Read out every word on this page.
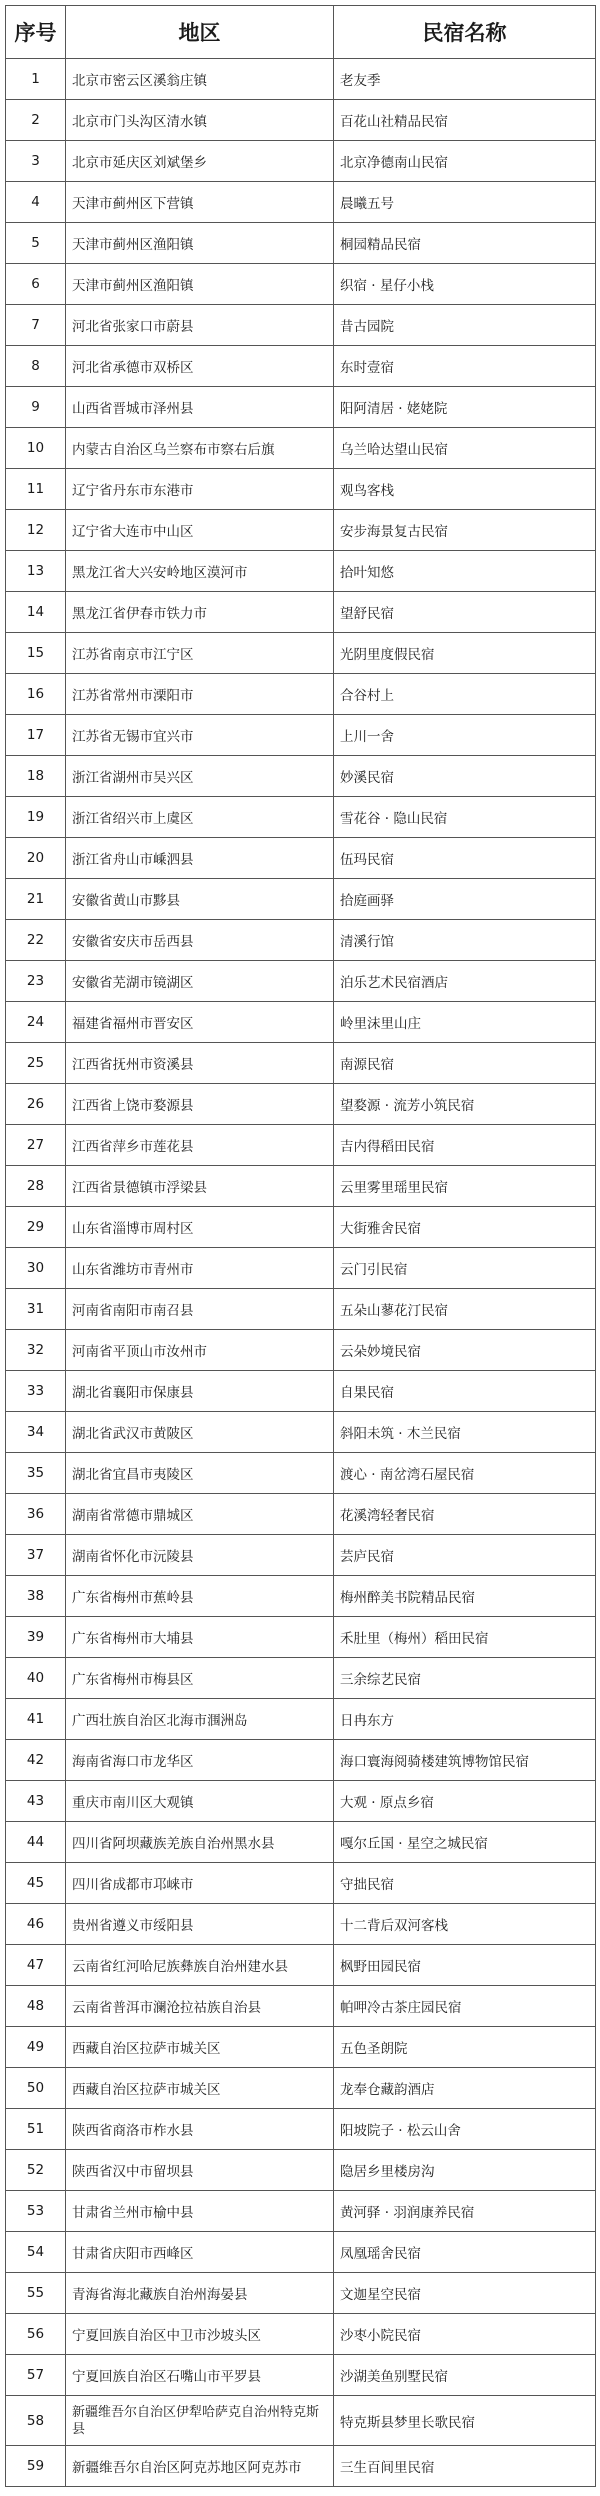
序号	地区	民宿名称
1	北京市密云区溪翁庄镇	老友季
2	北京市门头沟区清水镇	百花山社精品民宿
3	北京市延庆区刘斌堡乡	北京净德南山民宿
4	天津市蓟州区下营镇	晨曦五号
5	天津市蓟州区渔阳镇	桐园精品民宿
6	天津市蓟州区渔阳镇	织宿 · 星仔小栈
7	河北省张家口市蔚县	昔古园院
8	河北省承德市双桥区	东时壹宿
9	山西省晋城市泽州县	阳阿清居 · 姥姥院
10	内蒙古自治区乌兰察布市察右后旗	乌兰哈达望山民宿
11	辽宁省丹东市东港市	观鸟客栈
12	辽宁省大连市中山区	安步海景复古民宿
13	黑龙江省大兴安岭地区漠河市	拾叶知悠
14	黑龙江省伊春市铁力市	望舒民宿
15	江苏省南京市江宁区	光阴里度假民宿
16	江苏省常州市溧阳市	合谷村上
17	江苏省无锡市宜兴市	上川一舍
18	浙江省湖州市吴兴区	妙溪民宿
19	浙江省绍兴市上虞区	雪花谷 · 隐山民宿
20	浙江省舟山市嵊泗县	伍玛民宿
21	安徽省黄山市黟县	拾庭画驿
22	安徽省安庆市岳西县	清溪行馆
23	安徽省芜湖市镜湖区	泊乐艺术民宿酒店
24	福建省福州市晋安区	岭里沫里山庄
25	江西省抚州市资溪县	南源民宿
26	江西省上饶市婺源县	望婺源 · 流芳小筑民宿
27	江西省萍乡市莲花县	吉内得稻田民宿
28	江西省景德镇市浮梁县	云里雾里瑶里民宿
29	山东省淄博市周村区	大街雅舍民宿
30	山东省潍坊市青州市	云门引民宿
31	河南省南阳市南召县	五朵山蓼花汀民宿
32	河南省平顶山市汝州市	云朵妙境民宿
33	湖北省襄阳市保康县	自果民宿
34	湖北省武汉市黄陂区	斜阳未筑 · 木兰民宿
35	湖北省宜昌市夷陵区	渡心 · 南岔湾石屋民宿
36	湖南省常德市鼎城区	花溪湾轻奢民宿
37	湖南省怀化市沅陵县	芸庐民宿
38	广东省梅州市蕉岭县	梅州醉美书院精品民宿
39	广东省梅州市大埔县	禾肚里（梅州）稻田民宿
40	广东省梅州市梅县区	三余综艺民宿
41	广西壮族自治区北海市涠洲岛	日冉东方
42	海南省海口市龙华区	海口寰海阅骑楼建筑博物馆民宿
43	重庆市南川区大观镇	大观 · 原点乡宿
44	四川省阿坝藏族羌族自治州黑水县	嘎尔丘国 · 星空之城民宿
45	四川省成都市邛崃市	守拙民宿
46	贵州省遵义市绥阳县	十二背后双河客栈
47	云南省红河哈尼族彝族自治州建水县	枫野田园民宿
48	云南省普洱市澜沧拉祜族自治县	帕呷冷古茶庄园民宿
49	西藏自治区拉萨市城关区	五色圣朗院
50	西藏自治区拉萨市城关区	龙奉仓藏韵酒店
51	陕西省商洛市柞水县	阳坡院子 · 松云山舍
52	陕西省汉中市留坝县	隐居乡里楼房沟
53	甘肃省兰州市榆中县	黄河驿 · 羽润康养民宿
54	甘肃省庆阳市西峰区	凤凰瑶舍民宿
55	青海省海北藏族自治州海晏县	文迦星空民宿
56	宁夏回族自治区中卫市沙坡头区	沙枣小院民宿
57	宁夏回族自治区石嘴山市平罗县	沙湖美鱼别墅民宿
58	新疆维吾尔自治区伊犁哈萨克自治州特克斯县	特克斯县梦里长歌民宿
59	新疆维吾尔自治区阿克苏地区阿克苏市	三生百间里民宿
